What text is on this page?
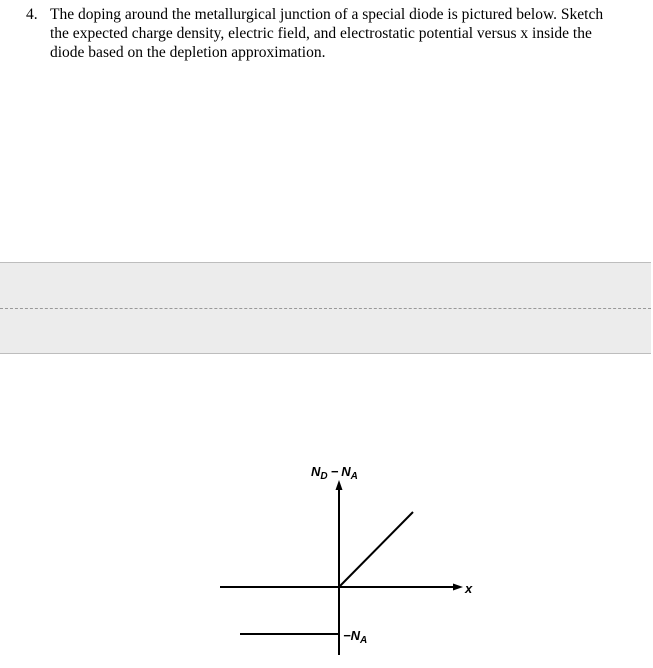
4. The doping around the metallurgical junction of a special diode is pictured below. Sketch
the expected charge density, electric field, and electrostatic potential versus x inside the
diode based on the depletion approximation.
$N_D - N_A$
x
$-N_A$
